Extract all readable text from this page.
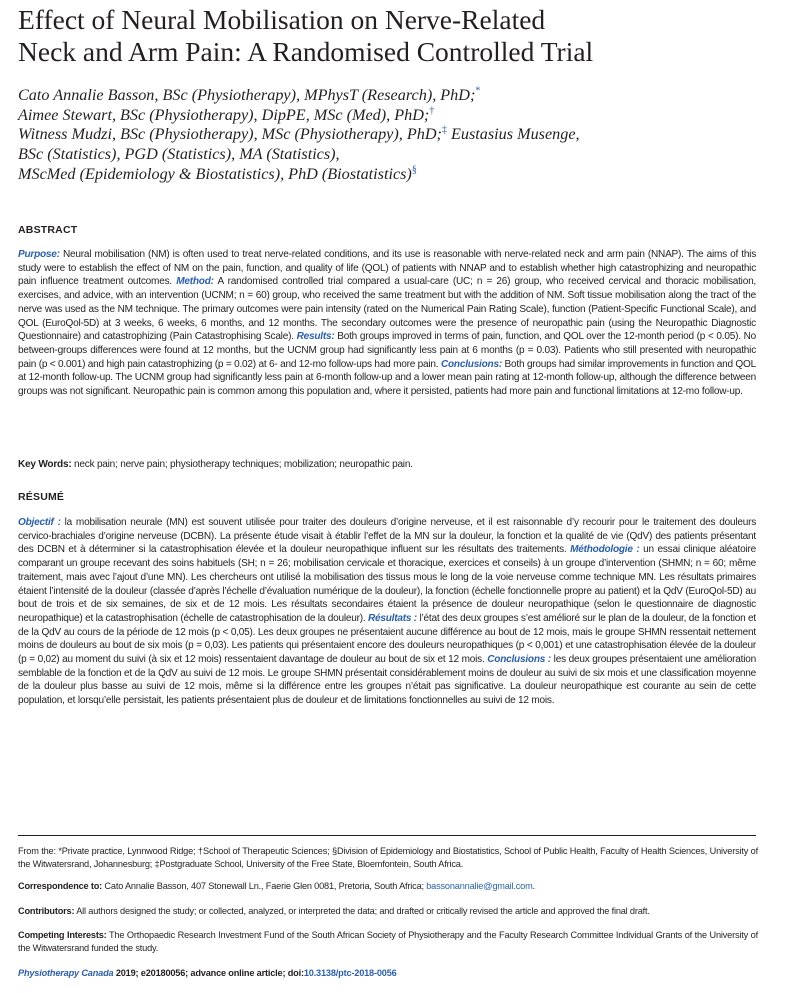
Effect of Neural Mobilisation on Nerve-Related
Neck and Arm Pain: A Randomised Controlled Trial
Cato Annalie Basson, BSc (Physiotherapy), MPhysT (Research), PhD;*
Aimee Stewart, BSc (Physiotherapy), DipPE, MSc (Med), PhD;†
Witness Mudzi, BSc (Physiotherapy), MSc (Physiotherapy), PhD;‡ Eustasius Musenge,
BSc (Statistics), PGD (Statistics), MA (Statistics),
MScMed (Epidemiology & Biostatistics), PhD (Biostatistics)§
ABSTRACT

Purpose: Neural mobilisation (NM) is often used to treat nerve-related conditions, and its use is reasonable with nerve-related neck and arm pain (NNAP). The aims of this study were to establish the effect of NM on the pain, function, and quality of life (QOL) of patients with NNAP and to establish whether high catastrophizing and neuropathic pain influence treatment outcomes. Method: A randomised controlled trial compared a usual-care (UC; n = 26) group, who received cervical and thoracic mobilisation, exercises, and advice, with an intervention (UCNM; n = 60) group, who received the same treatment but with the addition of NM. Soft tissue mobilisation along the tract of the nerve was used as the NM technique. The primary outcomes were pain intensity (rated on the Numerical Pain Rating Scale), function (Patient-Specific Functional Scale), and QOL (EuroQol-5D) at 3 weeks, 6 weeks, 6 months, and 12 months. The secondary outcomes were the presence of neuropathic pain (using the Neuropathic Diagnostic Questionnaire) and catastrophizing (Pain Catastrophising Scale). Results: Both groups improved in terms of pain, function, and QOL over the 12-month period (p < 0.05). No between-groups differences were found at 12 months, but the UCNM group had significantly less pain at 6 months (p = 0.03). Patients who still presented with neuropathic pain (p < 0.001) and high pain catastrophizing (p = 0.02) at 6- and 12-mo follow-ups had more pain. Conclusions: Both groups had similar improvements in function and QOL at 12-month follow-up. The UCNM group had significantly less pain at 6-month follow-up and a lower mean pain rating at 12-month follow-up, although the difference between groups was not significant. Neuropathic pain is common among this population and, where it persisted, patients had more pain and functional limitations at 12-mo follow-up.

Key Words: neck pain; nerve pain; physiotherapy techniques; mobilization; neuropathic pain.

RÉSUMÉ

Objectif : la mobilisation neurale (MN) est souvent utilisée pour traiter des douleurs d’origine nerveuse, et il est raisonnable d’y recourir pour le traitement des douleurs cervico-brachiales d’origine nerveuse (DCBN). La présente étude visait à établir l’effet de la MN sur la douleur, la fonction et la qualité de vie (QdV) des patients présentant des DCBN et à déterminer si la catastrophisation élevée et la douleur neuropathique influent sur les résultats des traitements. Méthodologie : un essai clinique aléatoire comparant un groupe recevant des soins habituels (SH; n = 26; mobilisation cervicale et thoracique, exercices et conseils) à un groupe d’intervention (SHMN; n = 60; même traitement, mais avec l’ajout d’une MN). Les chercheurs ont utilisé la mobilisation des tissus mous le long de la voie nerveuse comme technique MN. Les résultats primaires étaient l’intensité de la douleur (classée d’après l’échelle d’évaluation numérique de la douleur), la fonction (échelle fonctionnelle propre au patient) et la QdV (EuroQol-5D) au bout de trois et de six semaines, de six et de 12 mois. Les résultats secondaires étaient la présence de douleur neuropathique (selon le questionnaire de diagnostic neuropathique) et la catastrophisation (échelle de catastrophisation de la douleur). Résultats : l’état des deux groupes s’est amélioré sur le plan de la douleur, de la fonction et de la QdV au cours de la période de 12 mois (p < 0,05). Les deux groupes ne présentaient aucune différence au bout de 12 mois, mais le groupe SHMN ressentait nettement moins de douleurs au bout de six mois (p = 0,03). Les patients qui présentaient encore des douleurs neuropathiques (p < 0,001) et une catastrophisation élevée de la douleur (p = 0,02) au moment du suivi (à six et 12 mois) ressentaient davantage de douleur au bout de six et 12 mois. Conclusions : les deux groupes présentaient une amélioration semblable de la fonction et de la QdV au suivi de 12 mois. Le groupe SHMN présentait considérablement moins de douleur au suivi de six mois et une classification moyenne de la douleur plus basse au suivi de 12 mois, même si la différence entre les groupes n’était pas significative. La douleur neuropathique est courante au sein de cette population, et lorsqu’elle persistait, les patients présentaient plus de douleur et de limitations fonctionnelles au suivi de 12 mois.

From the: *Private practice, Lynnwood Ridge; †School of Therapeutic Sciences; §Division of Epidemiology and Biostatistics, School of Public Health, Faculty of Health Sciences, University of the Witwatersrand, Johannesburg; ‡Postgraduate School, University of the Free State, Bloemfontein, South Africa.

Correspondence to: Cato Annalie Basson, 407 Stonewall Ln., Faerie Glen 0081, Pretoria, South Africa; bassonannalie@gmail.com.

Contributors: All authors designed the study; or collected, analyzed, or interpreted the data; and drafted or critically revised the article and approved the final draft.

Competing Interests: The Orthopaedic Research Investment Fund of the South African Society of Physiotherapy and the Faculty Research Committee Individual Grants of the University of the Witwatersrand funded the study.

Physiotherapy Canada 2019; e20180056; advance online article; doi:10.3138/ptc-2018-0056
